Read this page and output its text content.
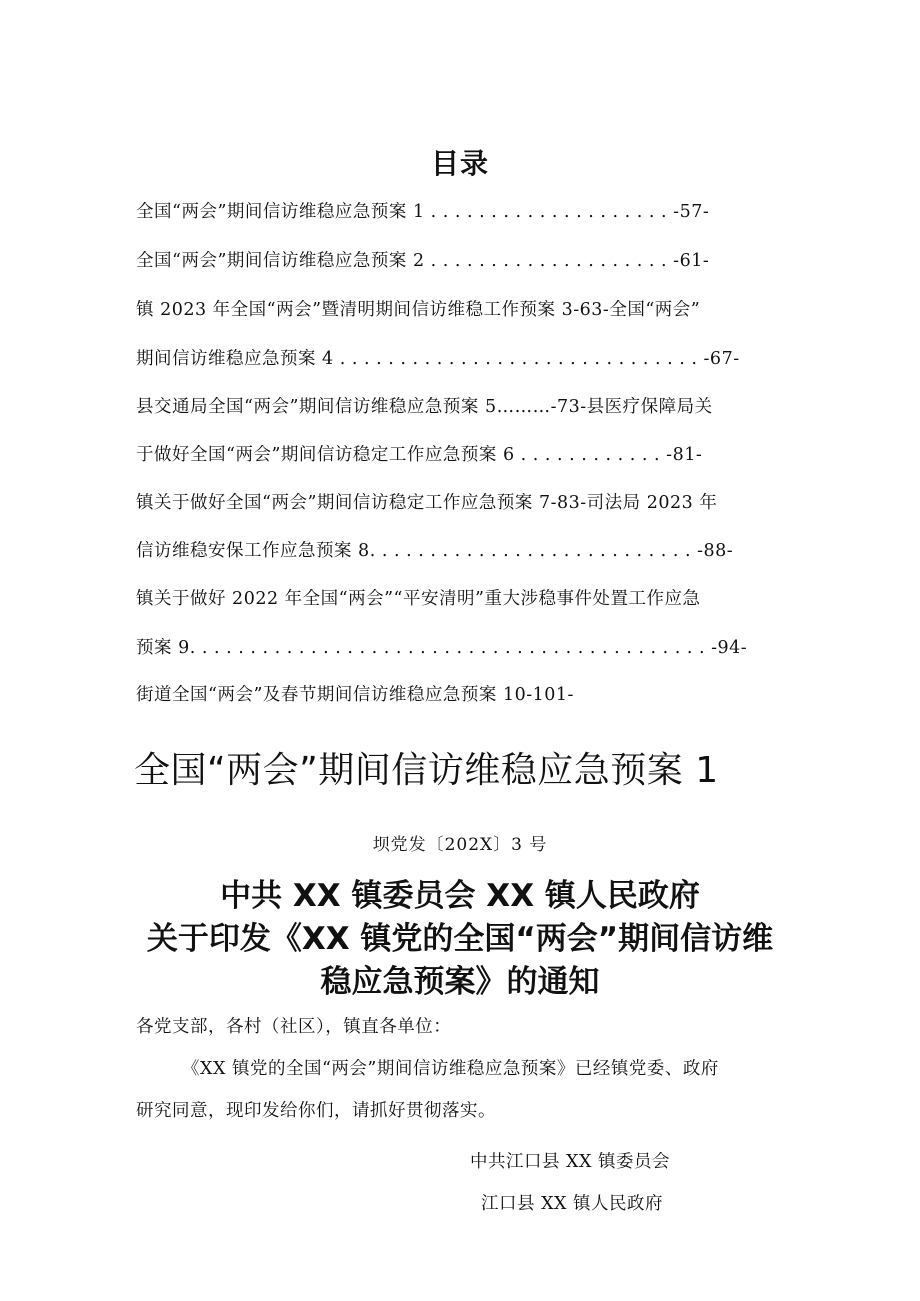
目录
全国“两会”期间信访维稳应急预案 1 . . . . . . . . . . . . . . . . . . . . -57-
全国“两会”期间信访维稳应急预案 2 . . . . . . . . . . . . . . . . . . . . -61-
镇 2023 年全国“两会”暨清明期间信访维稳工作预案 3-63-全国“两会”
期间信访维稳应急预案 4 . . . . . . . . . . . . . . . . . . . . . . . . . . . . . . -67-
县交通局全国“两会”期间信访维稳应急预案 5………-73-县医疗保障局关
于做好全国“两会”期间信访稳定工作应急预案 6 . . . . . . . . . . . . -81-
镇关于做好全国“两会”期间信访稳定工作应急预案 7-83-司法局 2023 年
信访维稳安保工作应急预案 8. . . . . . . . . . . . . . . . . . . . . . . . . . . -88-
镇关于做好 2022 年全国“两会”“平安清明”重大涉稳事件处置工作应急
预案 9. . . . . . . . . . . . . . . . . . . . . . . . . . . . . . . . . . . . . . . . . . . -94-
街道全国“两会”及春节期间信访维稳应急预案 10-101-
全国“两会”期间信访维稳应急预案 1
坝党发〔202X〕3 号
中共 XX 镇委员会 XX 镇人民政府
关于印发《XX 镇党的全国“两会”期间信访维
稳应急预案》的通知
各党支部，各村（社区），镇直各单位：
《XX 镇党的全国“两会”期间信访维稳应急预案》已经镇党委、政府
研究同意，现印发给你们，请抓好贯彻落实。
中共江口县 XX 镇委员会
江口县 XX 镇人民政府
